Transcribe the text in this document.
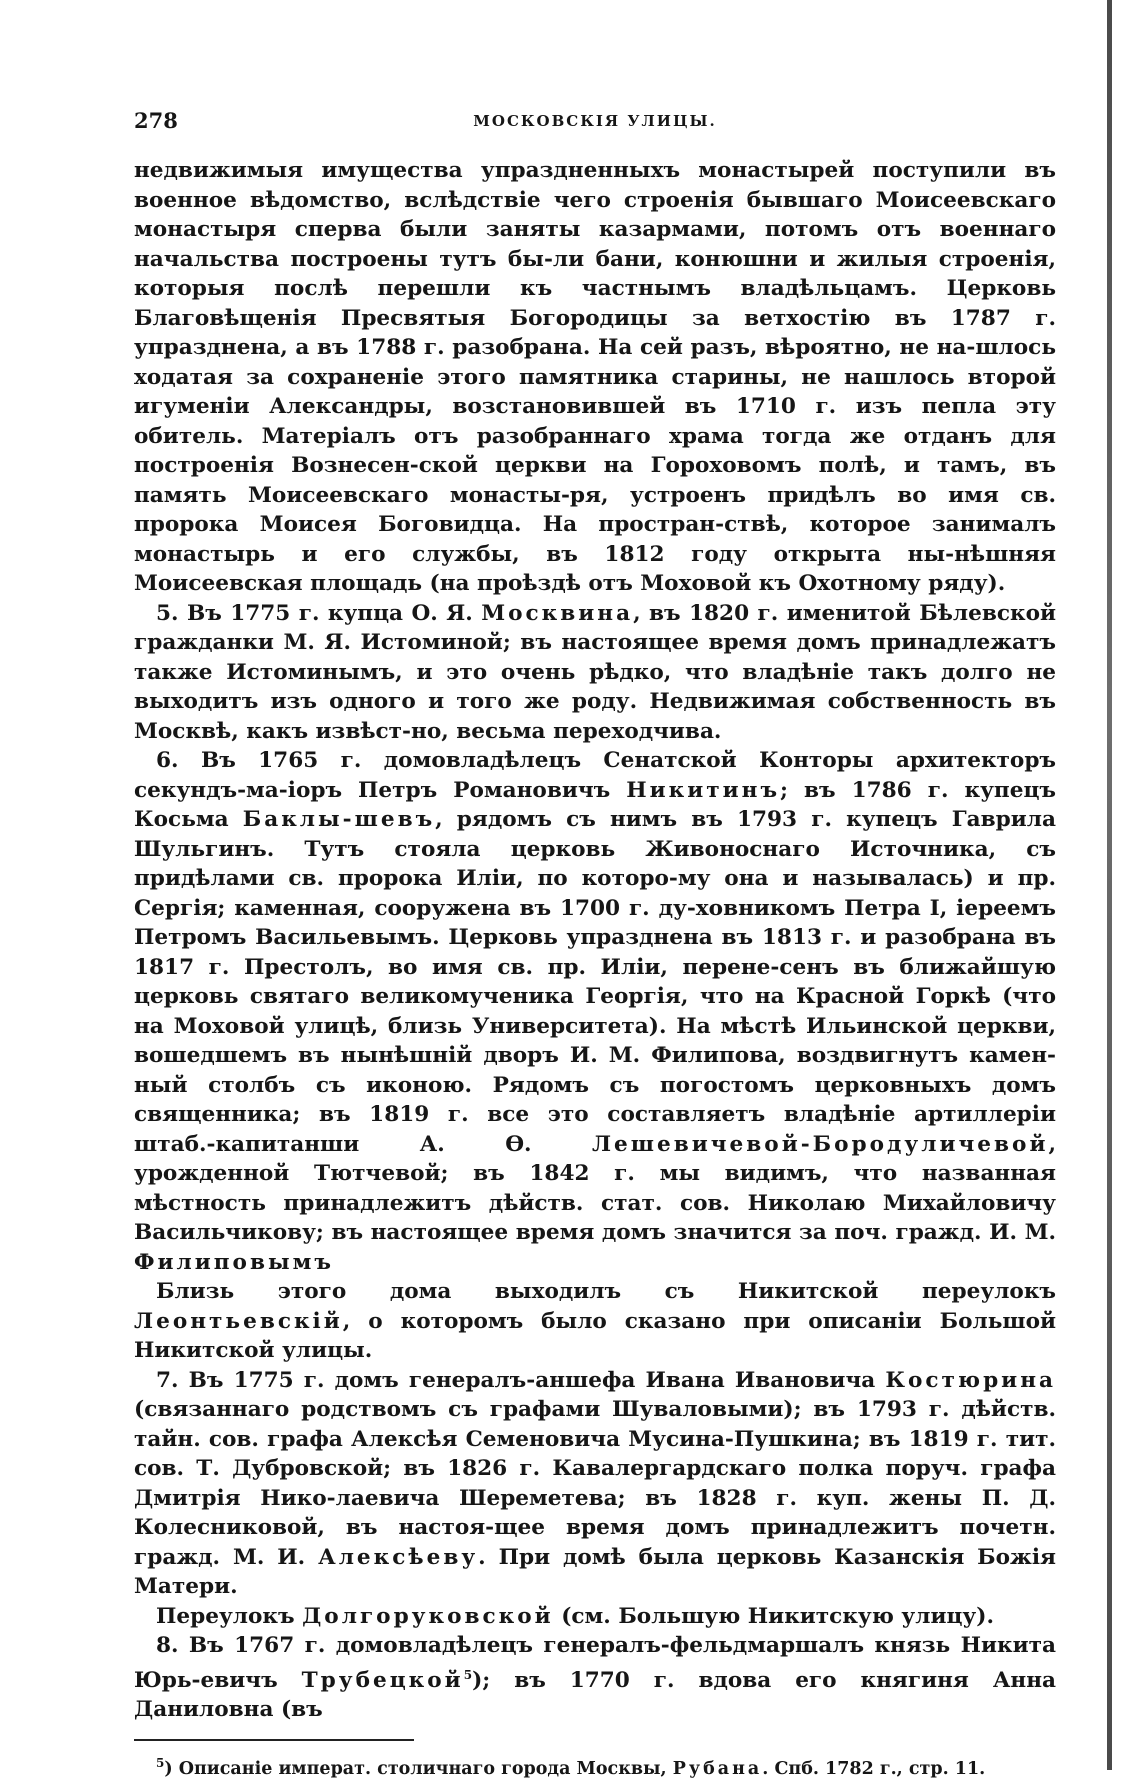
278	МОСКОВСКІЯ УЛИЦЫ.

недвижимыя имущества упраздненныхъ монастырей поступили въ военное вѣдомство, вслѣдствіе чего строенія бывшаго Моисеевскаго монастыря сперва были заняты казармами, потомъ отъ военнаго начальства построены тутъ бы-ли бани, конюшни и жилыя строенія, которыя послѣ перешли къ частнымъ владѣльцамъ. Церковь Благовѣщенія Пресвятыя Богородицы за ветхостію въ 1787 г. упразднена, а въ 1788 г. разобрана. На сей разъ, вѣроятно, не на-шлось ходатая за сохраненіе этого памятника старины, не нашлось второй игуменіи Александры, возстановившей въ 1710 г. изъ пепла эту обитель. Матеріалъ отъ разобраннаго храма тогда же отданъ для построенія Вознесен-ской церкви на Гороховомъ полѣ, и тамъ, въ память Моисеевскаго монасты-ря, устроенъ придѣлъ во имя св. пророка Моисея Боговидца. На простран-ствѣ, которое занималъ монастырь и его службы, въ 1812 году открыта ны-нѣшняя Моисеевская площадь (на проѣздѣ отъ Моховой къ Охотному ряду).

5. Въ 1775 г. купца О. Я. Москвина, въ 1820 г. именитой Бѣлевской гражданки М. Я. Истоминой; въ настоящее время домъ принадлежатъ также Истоминымъ, и это очень рѣдко, что владѣніе такъ долго не выходитъ изъ одного и того же роду. Недвижимая собственность въ Москвѣ, какъ извѣст-но, весьма переходчива.

6. Въ 1765 г. домовладѣлецъ Сенатской Конторы архитекторъ секундъ-ма-іоръ Петръ Романовичъ Никитинъ; въ 1786 г. купецъ Косьма Баклы-шевъ, рядомъ съ нимъ въ 1793 г. купецъ Гаврила Шульгинъ. Тутъ стояла церковь Живоноснаго Источника, съ придѣлами св. пророка Иліи, по которо-му она и называлась) и пр. Сергія; каменная, сооружена въ 1700 г. ду-ховникомъ Петра I, іереемъ Петромъ Васильевымъ. Церковь упразднена въ 1813 г. и разобрана въ 1817 г. Престолъ, во имя св. пр. Иліи, перене-сенъ въ ближайшую церковь святаго великомученика Георгія, что на Красной Горкѣ (что на Моховой улицѣ, близь Университета). На мѣстѣ Ильинской церкви, вошедшемъ въ нынѣшній дворъ И. М. Филипова, воздвигнутъ камен-ный столбъ съ иконою. Рядомъ съ погостомъ церковныхъ домъ священника; въ 1819 г. все это составляетъ владѣніе артиллеріи штаб.-капитанши А. Ѳ. Лешевичевой-Бородуличевой, урожденной Тютчевой; въ 1842 г. мы видимъ, что названная мѣстность принадлежитъ дѣйств. стат. сов. Николаю Михайловичу Васильчикову; въ настоящее время домъ значится за поч. гражд. И. М. Филиповымъ

Близь этого дома выходилъ съ Никитской переулокъ Леонтьевскій, о которомъ было сказано при описаніи Большой Никитской улицы.

7. Въ 1775 г. домъ генералъ-аншефа Ивана Ивановича Костюрина (связаннаго родствомъ съ графами Шуваловыми); въ 1793 г. дѣйств. тайн. сов. графа Алексѣя Семеновича Мусина-Пушкина; въ 1819 г. тит. сов. Т. Дубровской; въ 1826 г. Кавалергардскаго полка поруч. графа Дмитрія Нико-лаевича Шереметева; въ 1828 г. куп. жены П. Д. Колесниковой, въ настоя-щее время домъ принадлежитъ почетн. гражд. М. И. Алексѣеву. При домѣ была церковь Казанскія Божія Матери.

Переулокъ Долгоруковской (см. Большую Никитскую улицу).

8. Въ 1767 г. домовладѣлецъ генералъ-фельдмаршалъ князь Никита Юрь-евичъ Трубецкой$^5$); въ 1770 г. вдова его княгиня Анна Даниловна (въ

$^5$) Описаніе императ. столичнаго города Москвы, Рубана. Спб. 1782 г., стр. 11.
